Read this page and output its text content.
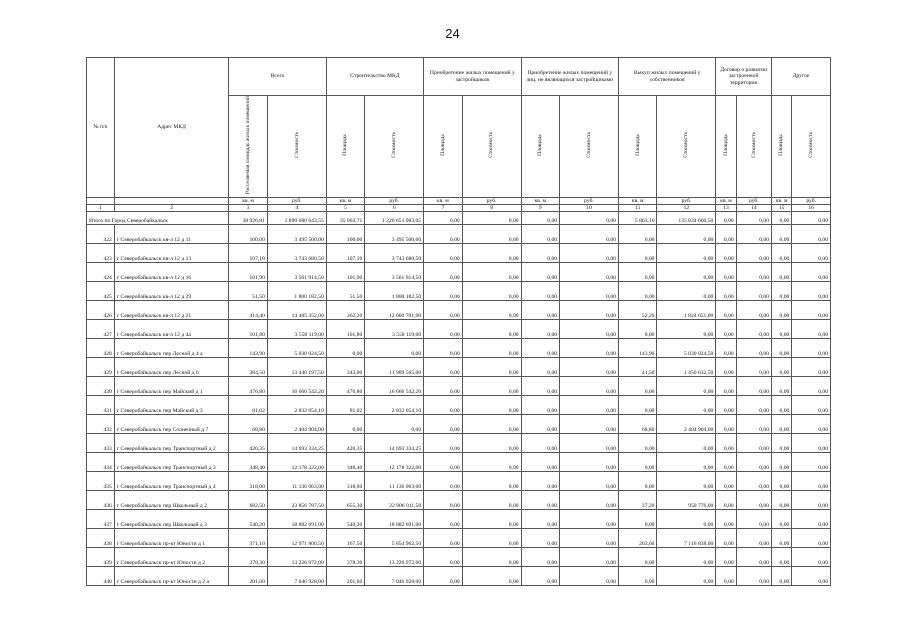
24
№ п/п	Адрес МКД	Всего		Строительство МКД		Приобретение жилых помещений у застройщиков		Приобретение жилых помещений у лиц, не являющихся застройщиками		Выкуп жилых помещений у собственников		Договор о развитии застроенной территории		Другое	
		Расселяемая площадь жилых помещений	Стоимость	Площадь	Стоимость	Площадь	Стоимость	Площадь	Стоимость	Площадь	Стоимость	Площадь	Стоимость	Площадь	Стоимость
		кв. м	руб.	кв. м	руб.	кв. м	руб.	кв. м	руб.	кв. м	руб.	кв. м	руб.	кв. м	руб.
1	2	3	4	5	6	7	8	9	10	11	12	13	14	15	16
Итого по Город Северобайкальск		38 926,81	1 890 680 643,55	35 063,71	1 226 651 983,05	0,00	0,00	0,00	0,00	5 863,10	135 034 660,50	0,00	0,00	0,00	0,00
422	г Северобайкальск кв-л 12 д 11	100,00	3 495 500,00	100,00	3 495 500,00	0,00	0,00	0,00	0,00	0,00	0,00	0,00	0,00	0,00	0,00
423	г Северобайкальск кв-л 12 д 13	107,10	3 743 680,50	107,10	3 743 680,50	0,00	0,00	0,00	0,00	0,00	0,00	0,00	0,00	0,00	0,00
424	г Северобайкальск кв-л 12 д 16	101,90	3 561 914,50	101,90	3 561 914,50	0,00	0,00	0,00	0,00	0,00	0,00	0,00	0,00	0,00	0,00
425	г Северобайкальск кв-л 12 д 29	51,50	1 800 182,50	51,50	1 800 182,50	0,00	0,00	0,00	0,00	0,00	0,00	0,00	0,00	0,00	0,00
426	г Северобайкальск кв-л 12 д 21	414,40	14 485 352,00	362,20	12 660 701,00	0,00	0,00	0,00	0,00	52,20	1 824 651,00	0,00	0,00	0,00	0,00
427	г Северобайкальск кв-л 12 д 4а	101,80	3 558 119,00	101,80	3 558 119,00	0,00	0,00	0,00	0,00	0,00	0,00	0,00	0,00	0,00	0,00
428	г Северобайкальск пер Лесной д 4 а	143,90	5 030 024,50	0,00	0,00	0,00	0,00	0,00	0,00	143,90	5 030 024,50	0,00	0,00	0,00	0,00
429	г Северобайкальск пер Лесной д 6	384,50	13 440 197,50	343,00	11 989 565,00	0,00	0,00	0,00	0,00	41,50	1 450 632,50	0,00	0,00	0,00	0,00
430	г Северобайкальск пер Майский д 1	476,80	16 666 542,20	476,80	16 666 542,20	0,00	0,00	0,00	0,00	0,00	0,00	0,00	0,00	0,00	0,00
431	г Северобайкальск пер Майский д 3	81,02	2 832 054,10	81,02	2 832 054,10	0,00	0,00	0,00	0,00	0,00	0,00	0,00	0,00	0,00	0,00
432	г Северобайкальск пер Солнечный д 7	68,80	2 404 904,00	0,00	0,00	0,00	0,00	0,00	0,00	68,80	2 404 904,00	0,00	0,00	0,00	0,00
433	г Северобайкальск пер Транспортный д 2	420,35	14 693 334,25	420,35	14 693 334,25	0,00	0,00	0,00	0,00	0,00	0,00	0,00	0,00	0,00	0,00
434	г Северобайкальск пер Транспортный д 3	348,40	12 178 322,00	348,40	12 178 322,00	0,00	0,00	0,00	0,00	0,00	0,00	0,00	0,00	0,00	0,00
435	г Северобайкальск пер Транспортный д 4	318,00	11 136 063,00	318,60	11 136 063,00	0,00	0,00	0,00	0,00	0,00	0,00	0,00	0,00	0,00	0,00
436	г Северобайкальск пер Школьный д 2	682,50	23 856 787,50	655,30	22 906 011,50	0,00	0,00	0,00	0,00	27,20	950 776,00	0,00	0,00	0,00	0,00
437	г Северобайкальск пер Школьный д 3	540,20	18 882 691,00	540,20	18 882 691,00	0,00	0,00	0,00	0,00	0,00	0,00	0,00	0,00	0,00	0,00
438	г Северобайкальск пр-кт Юности д 1	371,10	12 971 800,50	167,50	5 854 962,50	0,00	0,00	0,00	0,00	203,60	7 116 838,00	0,00	0,00	0,00	0,00
439	г Северобайкальск пр-кт Юности д 2	378,30	13 226 972,00	378,30	13 226 972,00	0,00	0,00	0,00	0,00	0,00	0,00	0,00	0,00	0,00	0,00
440	г Северобайкальск пр-кт Юности д 2 а	201,60	7 046 928,00	201,60	7 046 928,00	0,00	0,00	0,00	0,00	0,00	0,00	0,00	0,00	0,00	0,00
